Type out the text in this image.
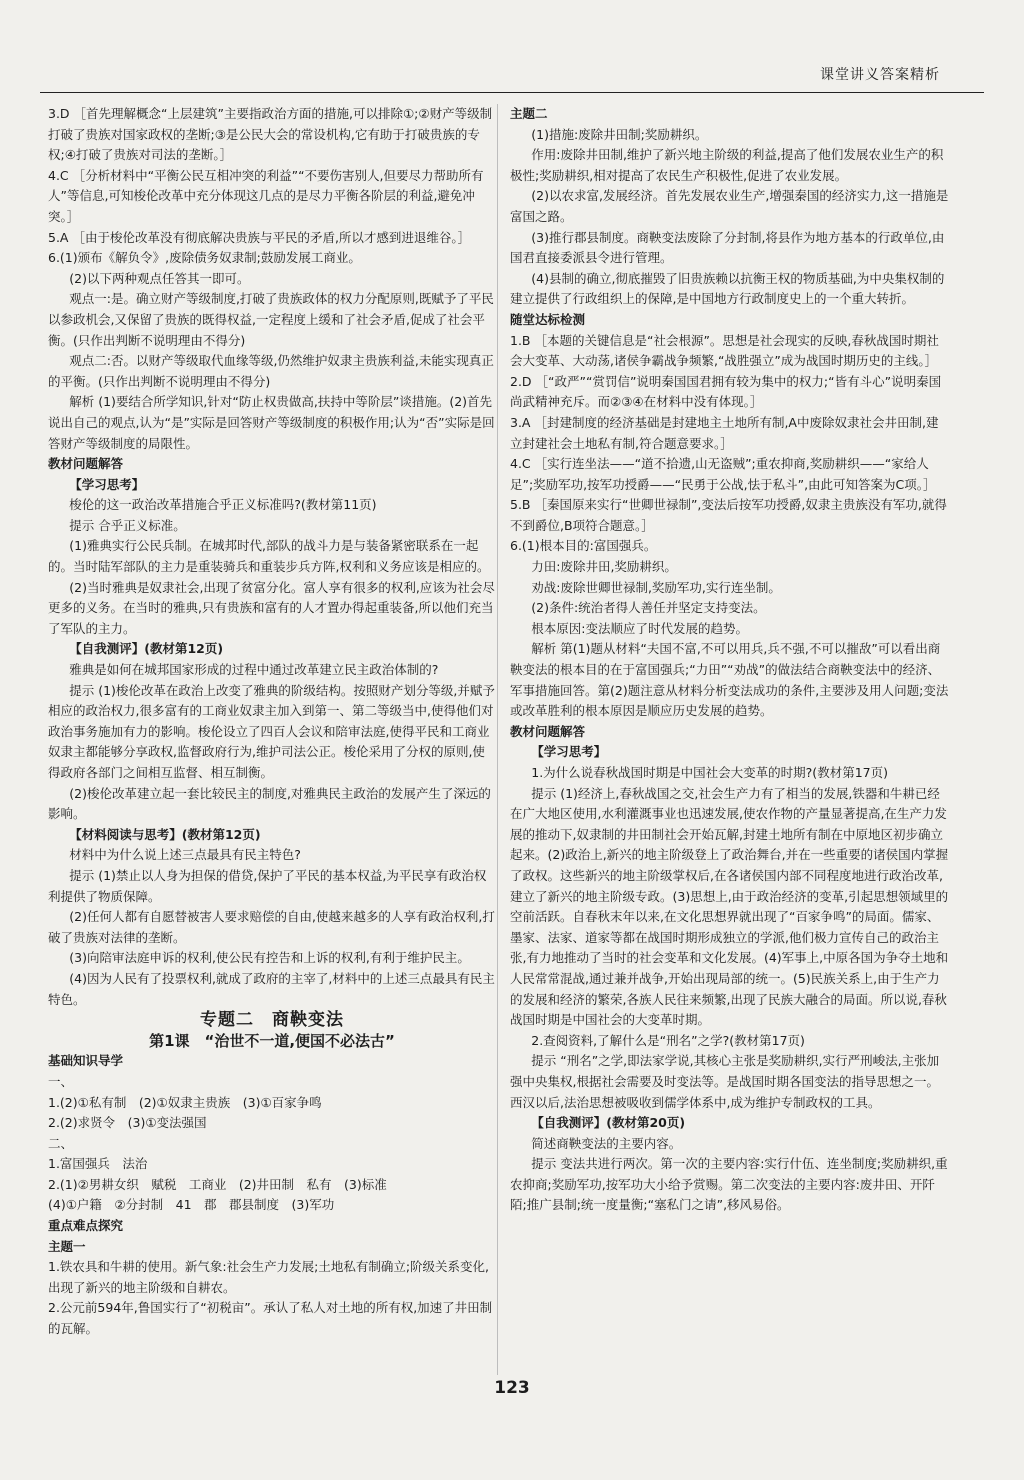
课堂讲义答案精析

3.D ［首先理解概念“上层建筑”主要指政治方面的措施,可以排除①;②财产等级制打破了贵族对国家政权的垄断;③是公民大会的常设机构,它有助于打破贵族的专权;④打破了贵族对司法的垄断。］

4.C ［分析材料中“平衡公民互相冲突的利益”“不要伤害别人,但要尽力帮助所有人”等信息,可知梭伦改革中充分体现这几点的是尽力平衡各阶层的利益,避免冲突。］

5.A ［由于梭伦改革没有彻底解决贵族与平民的矛盾,所以才感到进退维谷。］

6.(1)颁布《解负令》,废除债务奴隶制;鼓励发展工商业。

(2)以下两种观点任答其一即可。

观点一:是。确立财产等级制度,打破了贵族政体的权力分配原则,既赋予了平民以参政机会,又保留了贵族的既得权益,一定程度上缓和了社会矛盾,促成了社会平衡。(只作出判断不说明理由不得分)

观点二:否。以财产等级取代血缘等级,仍然维护奴隶主贵族利益,未能实现真正的平衡。(只作出判断不说明理由不得分)

解析 (1)要结合所学知识,针对“防止权贵做高,扶持中等阶层”谈措施。(2)首先说出自己的观点,认为“是”实际是回答财产等级制度的积极作用;认为“否”实际是回答财产等级制度的局限性。

教材问题解答

【学习思考】

梭伦的这一政治改革措施合乎正义标准吗?(教材第11页)

提示 合乎正义标准。

(1)雅典实行公民兵制。在城邦时代,部队的战斗力是与装备紧密联系在一起的。当时陆军部队的主力是重装骑兵和重装步兵方阵,权利和义务应该是相应的。

(2)当时雅典是奴隶社会,出现了贫富分化。富人享有很多的权利,应该为社会尽更多的义务。在当时的雅典,只有贵族和富有的人才置办得起重装备,所以他们充当了军队的主力。

【自我测评】(教材第12页)

雅典是如何在城邦国家形成的过程中通过改革建立民主政治体制的?

提示 (1)梭伦改革在政治上改变了雅典的阶级结构。按照财产划分等级,并赋予相应的政治权力,很多富有的工商业奴隶主加入到第一、第二等级当中,使得他们对政治事务施加有力的影响。梭伦设立了四百人会议和陪审法庭,使得平民和工商业奴隶主都能够分享政权,监督政府行为,维护司法公正。梭伦采用了分权的原则,使得政府各部门之间相互监督、相互制衡。

(2)梭伦改革建立起一套比较民主的制度,对雅典民主政治的发展产生了深远的影响。

【材料阅读与思考】(教材第12页)

材料中为什么说上述三点最具有民主特色?

提示 (1)禁止以人身为担保的借贷,保护了平民的基本权益,为平民享有政治权利提供了物质保障。

(2)任何人都有自愿替被害人要求赔偿的自由,使越来越多的人享有政治权利,打破了贵族对法律的垄断。

(3)向陪审法庭申诉的权利,使公民有控告和上诉的权利,有利于维护民主。

(4)因为人民有了投票权利,就成了政府的主宰了,材料中的上述三点最具有民主特色。

专题二　商鞅变法

第1课　“治世不一道,便国不必法古”

基础知识导学

一、

1.(2)①私有制　(2)①奴隶主贵族　(3)①百家争鸣

2.(2)求贤令　(3)①变法强国

二、

1.富国强兵　法治

2.(1)②男耕女织　赋税　工商业　(2)井田制　私有　(3)标准

(4)①户籍　②分封制　41　郡　郡县制度　(3)军功

重点难点探究

主题一

1.铁农具和牛耕的使用。新气象:社会生产力发展;土地私有制确立;阶级关系变化,出现了新兴的地主阶级和自耕农。

2.公元前594年,鲁国实行了“初税亩”。承认了私人对土地的所有权,加速了井田制的瓦解。

主题二

(1)措施:废除井田制;奖励耕织。

作用:废除井田制,维护了新兴地主阶级的利益,提高了他们发展农业生产的积极性;奖励耕织,相对提高了农民生产积极性,促进了农业发展。

(2)以农求富,发展经济。首先发展农业生产,增强秦国的经济实力,这一措施是富国之路。

(3)推行郡县制度。商鞅变法废除了分封制,将县作为地方基本的行政单位,由国君直接委派县令进行管理。

(4)县制的确立,彻底摧毁了旧贵族赖以抗衡王权的物质基础,为中央集权制的建立提供了行政组织上的保障,是中国地方行政制度史上的一个重大转折。

随堂达标检测

1.B ［本题的关键信息是“社会根源”。思想是社会现实的反映,春秋战国时期社会大变革、大动荡,诸侯争霸战争频繁,“战胜强立”成为战国时期历史的主线。］

2.D ［“政严”“赏罚信”说明秦国国君拥有较为集中的权力;“皆有斗心”说明秦国尚武精神充斥。而②③④在材料中没有体现。］

3.A ［封建制度的经济基础是封建地主土地所有制,A中废除奴隶社会井田制,建立封建社会土地私有制,符合题意要求。］

4.C ［实行连坐法——“道不拾遗,山无盗贼”;重农抑商,奖励耕织——“家给人足”;奖励军功,按军功授爵——“民勇于公战,怯于私斗”,由此可知答案为C项。］

5.B ［秦国原来实行“世卿世禄制”,变法后按军功授爵,奴隶主贵族没有军功,就得不到爵位,B项符合题意。］

6.(1)根本目的:富国强兵。

力田:废除井田,奖励耕织。

劝战:废除世卿世禄制,奖励军功,实行连坐制。

(2)条件:统治者得人善任并坚定支持变法。

根本原因:变法顺应了时代发展的趋势。

解析 第(1)题从材料“夫国不富,不可以用兵,兵不强,不可以摧敌”可以看出商鞅变法的根本目的在于富国强兵;“力田”“劝战”的做法结合商鞅变法中的经济、军事措施回答。第(2)题注意从材料分析变法成功的条件,主要涉及用人问题;变法或改革胜利的根本原因是顺应历史发展的趋势。

教材问题解答

【学习思考】

1.为什么说春秋战国时期是中国社会大变革的时期?(教材第17页)

提示 (1)经济上,春秋战国之交,社会生产力有了相当的发展,铁器和牛耕已经在广大地区使用,水利灌溉事业也迅速发展,使农作物的产量显著提高,在生产力发展的推动下,奴隶制的井田制社会开始瓦解,封建土地所有制在中原地区初步确立起来。(2)政治上,新兴的地主阶级登上了政治舞台,并在一些重要的诸侯国内掌握了政权。这些新兴的地主阶级掌权后,在各诸侯国内部不同程度地进行政治改革,建立了新兴的地主阶级专政。(3)思想上,由于政治经济的变革,引起思想领域里的空前活跃。自春秋末年以来,在文化思想界就出现了“百家争鸣”的局面。儒家、墨家、法家、道家等都在战国时期形成独立的学派,他们极力宣传自己的政治主张,有力地推动了当时的社会变革和文化发展。(4)军事上,中原各国为争夺土地和人民常常混战,通过兼并战争,开始出现局部的统一。(5)民族关系上,由于生产力的发展和经济的繁荣,各族人民往来频繁,出现了民族大融合的局面。所以说,春秋战国时期是中国社会的大变革时期。

2.查阅资料,了解什么是“刑名”之学?(教材第17页)

提示 “刑名”之学,即法家学说,其核心主张是奖励耕织,实行严刑峻法,主张加强中央集权,根据社会需要及时变法等。是战国时期各国变法的指导思想之一。西汉以后,法治思想被吸收到儒学体系中,成为维护专制政权的工具。

【自我测评】(教材第20页)

简述商鞅变法的主要内容。

提示 变法共进行两次。第一次的主要内容:实行什伍、连坐制度;奖励耕织,重农抑商;奖励军功,按军功大小给予赏赐。第二次变法的主要内容:废井田、开阡陌;推广县制;统一度量衡;“塞私门之请”,移风易俗。

123
